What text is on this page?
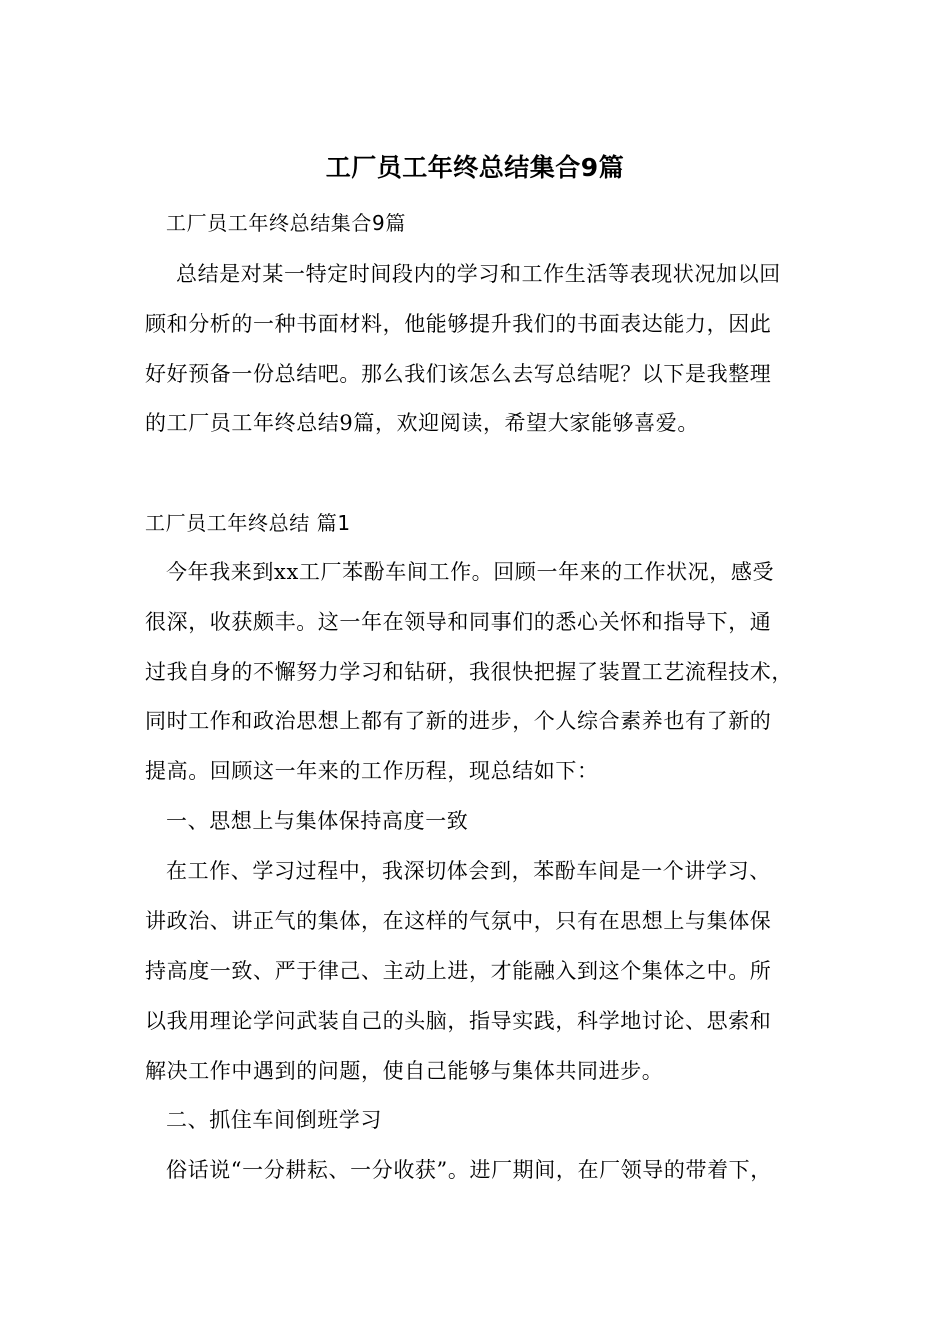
工厂员工年终总结集合9篇
工厂员工年终总结集合9篇
总结是对某一特定时间段内的学习和工作生活等表现状况加以回
顾和分析的一种书面材料，他能够提升我们的书面表达能力，因此
好好预备一份总结吧。那么我们该怎么去写总结呢？以下是我整理
的工厂员工年终总结9篇，欢迎阅读，希望大家能够喜爱。
工厂员工年终总结 篇1
今年我来到xx工厂苯酚车间工作。回顾一年来的工作状况，感受
很深，收获颇丰。这一年在领导和同事们的悉心关怀和指导下，通
过我自身的不懈努力学习和钻研，我很快把握了装置工艺流程技术，
同时工作和政治思想上都有了新的进步，个人综合素养也有了新的
提高。回顾这一年来的工作历程，现总结如下：
一、思想上与集体保持高度一致
在工作、学习过程中，我深切体会到，苯酚车间是一个讲学习、
讲政治、讲正气的集体，在这样的气氛中，只有在思想上与集体保
持高度一致、严于律己、主动上进，才能融入到这个集体之中。所
以我用理论学问武装自己的头脑，指导实践，科学地讨论、思索和
解决工作中遇到的问题，使自己能够与集体共同进步。
二、抓住车间倒班学习
俗话说“一分耕耘、一分收获”。进厂期间，在厂领导的带着下，
